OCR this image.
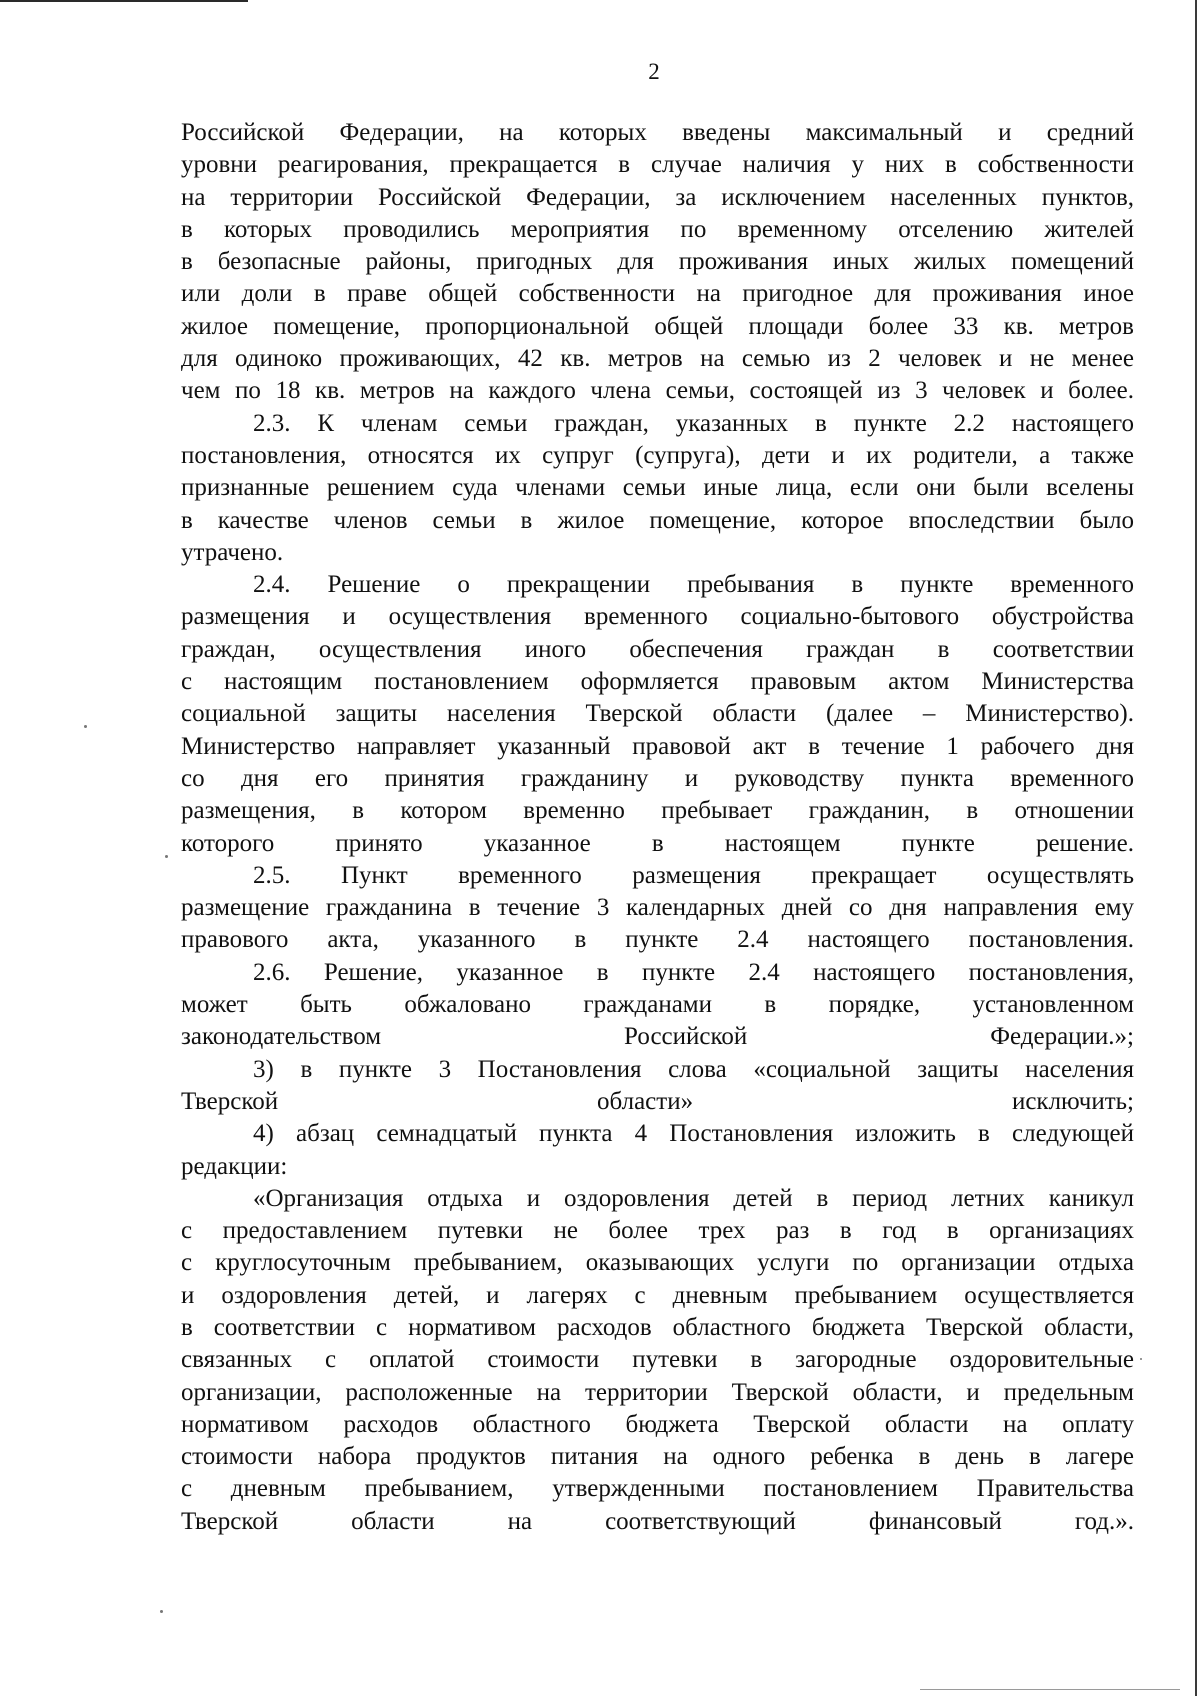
2

Российской Федерации, на которых введены максимальный и средний
уровни реагирования, прекращается в случае наличия у них в собственности
на территории Российской Федерации, за исключением населенных пунктов,
в которых проводились мероприятия по временному отселению жителей
в безопасные районы, пригодных для проживания иных жилых помещений
или доли в праве общей собственности на пригодное для проживания иное
жилое помещение, пропорциональной общей площади более 33 кв. метров
для одиноко проживающих, 42 кв. метров на семью из 2 человек и не менее
чем по 18 кв. метров на каждого члена семьи, состоящей из 3 человек и более.

2.3. К членам семьи граждан, указанных в пункте 2.2 настоящего
постановления, относятся их супруг (супруга), дети и их родители, а также
признанные решением суда членами семьи иные лица, если они были вселены
в качестве членов семьи в жилое помещение, которое впоследствии было
утрачено.

2.4. Решение о прекращении пребывания в пункте временного
размещения и осуществления временного социально-бытового обустройства
граждан, осуществления иного обеспечения граждан в соответствии
с настоящим постановлением оформляется правовым актом Министерства
социальной защиты населения Тверской области (далее – Министерство).
Министерство направляет указанный правовой акт в течение 1 рабочего дня
со дня его принятия гражданину и руководству пункта временного
размещения, в котором временно пребывает гражданин, в отношении
которого принято указанное в настоящем пункте решение.

2.5. Пункт временного размещения прекращает осуществлять
размещение гражданина в течение 3 календарных дней со дня направления ему
правового акта, указанного в пункте 2.4 настоящего постановления.

2.6. Решение, указанное в пункте 2.4 настоящего постановления,
может быть обжаловано гражданами в порядке, установленном
законодательством Российской Федерации.»;

3) в пункте 3 Постановления слова «социальной защиты населения
Тверской области» исключить;

4) абзац семнадцатый пункта 4 Постановления изложить в следующей
редакции:

«Организация отдыха и оздоровления детей в период летних каникул
с предоставлением путевки не более трех раз в год в организациях
с круглосуточным пребыванием, оказывающих услуги по организации отдыха
и оздоровления детей, и лагерях с дневным пребыванием осуществляется
в соответствии с нормативом расходов областного бюджета Тверской области,
связанных с оплатой стоимости путевки в загородные оздоровительные
организации, расположенные на территории Тверской области, и предельным
нормативом расходов областного бюджета Тверской области на оплату
стоимости набора продуктов питания на одного ребенка в день в лагере
с дневным пребыванием, утвержденными постановлением Правительства
Тверской области на соответствующий финансовый год.».
